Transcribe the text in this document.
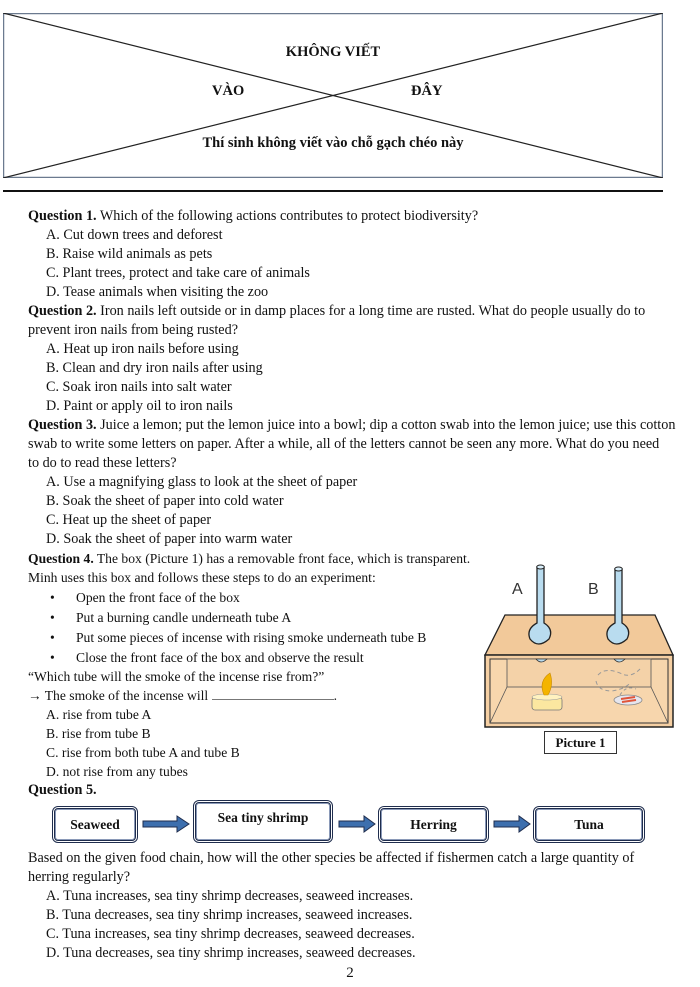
KHÔNG VIẾT
VÀO	ĐÂY
Thí sinh không viết vào chỗ gạch chéo này
Question 1. Which of the following actions contributes to protect biodiversity?
A. Cut down trees and deforest
B. Raise wild animals as pets
C. Plant trees, protect and take care of animals
D. Tease animals when visiting the zoo
Question 2. Iron nails left outside or in damp places for a long time are rusted. What do people usually do to
prevent iron nails from being rusted?
A. Heat up iron nails before using
B. Clean and dry iron nails after using
C. Soak iron nails into salt water
D. Paint or apply oil to iron nails
Question 3. Juice a lemon; put the lemon juice into a bowl; dip a cotton swab into the lemon juice; use this cotton
swab to write some letters on paper. After a while, all of the letters cannot be seen any more. What do you need
to do to read these letters?
A. Use a magnifying glass to look at the sheet of paper
B. Soak the sheet of paper into cold water
C. Heat up the sheet of paper
D. Soak the sheet of paper into warm water
Question 4. The box (Picture 1) has a removable front face, which is transparent.
Minh uses this box and follows these steps to do an experiment:
• Open the front face of the box
• Put a burning candle underneath tube A
• Put some pieces of incense with rising smoke underneath tube B
• Close the front face of the box and observe the result
“Which tube will the smoke of the incense rise from?”
→ The smoke of the incense will	.
A. rise from tube A
B. rise from tube B
C. rise from both tube A and tube B
D. not rise from any tubes
A	B
Picture 1
Question 5.
Seaweed	Sea tiny shrimp	Herring	Tuna
Based on the given food chain, how will the other species be affected if fishermen catch a large quantity of
herring regularly?
A. Tuna increases, sea tiny shrimp decreases, seaweed increases.
B. Tuna decreases, sea tiny shrimp increases, seaweed increases.
C. Tuna increases, sea tiny shrimp decreases, seaweed decreases.
D. Tuna decreases, sea tiny shrimp increases, seaweed decreases.
2
